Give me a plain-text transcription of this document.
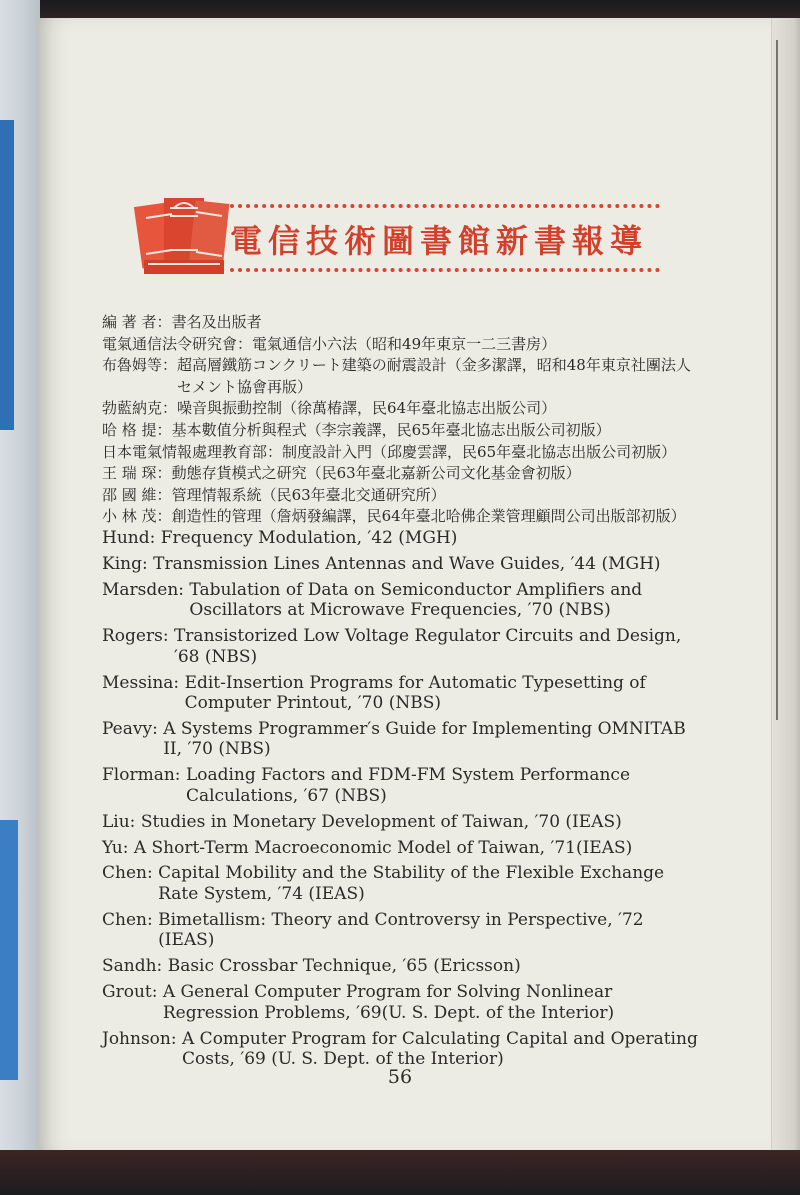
電信技術圖書館新書報導
編 著 者 ： 書名及出版者
電氣通信法令研究會 ： 電氣通信小六法（昭和49年東京一二三書房）
布魯姆等 ： 超高層鐵筋コンクリート建築の耐震設計（金多潔譯，昭和48年東京社團法人セメント協會再版）
勃藍納克 ： 噪音與振動控制（徐萬椿譯，民64年臺北協志出版公司）
哈 格 提 ： 基本數值分析與程式（李宗義譯，民65年臺北協志出版公司初版）
日本電氣情報處理教育部 ： 制度設計入門（邱慶雲譯，民65年臺北協志出版公司初版）
王 瑞 琛 ： 動態存貨模式之研究（民63年臺北嘉新公司文化基金會初版）
邵 國 維 ： 管理情報系統（民63年臺北交通研究所）
小 林 茂 ： 創造性的管理（詹炳發編譯，民64年臺北哈佛企業管理顧問公司出版部初版）
Hund:
Frequency Modulation, ′42 (MGH)
King:
Transmission Lines Antennas and Wave Guides, ′44 (MGH)
Marsden:
Tabulation of Data on Semiconductor Amplifiers and Oscillators at Microwave Frequencies, ′70 (NBS)
Rogers:
Transistorized Low Voltage Regulator Circuits and Design, ′68 (NBS)
Messina:
Edit-Insertion Programs for Automatic Typesetting of Computer Printout, ′70 (NBS)
Peavy:
A Systems Programmer′s Guide for Implementing OMNITAB II, ′70 (NBS)
Florman:
Loading Factors and FDM-FM System Performance Calculations, ′67 (NBS)
Liu:
Studies in Monetary Development of Taiwan, ′70 (IEAS)
Yu:
A Short-Term Macroeconomic Model of Taiwan, ′71(IEAS)
Chen:
Capital Mobility and the Stability of the Flexible Exchange Rate System, ′74 (IEAS)
Chen:
Bimetallism: Theory and Controversy in Perspective, ′72 (IEAS)
Sandh:
Basic Crossbar Technique, ′65 (Ericsson)
Grout:
A General Computer Program for Solving Nonlinear Regression Problems, ′69(U. S. Dept. of the Interior)
Johnson:
A Computer Program for Calculating Capital and Operating Costs, ′69 (U. S. Dept. of the Interior)
56
